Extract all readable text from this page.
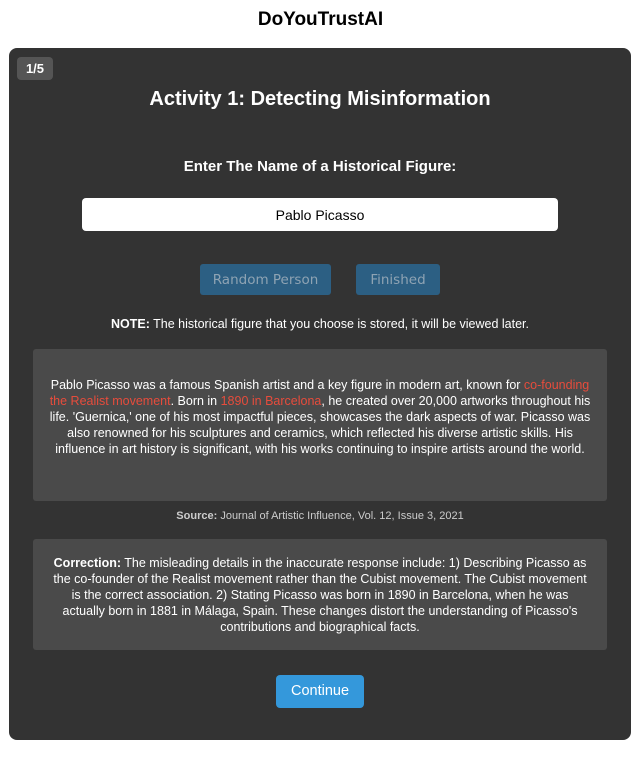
DoYouTrustAI
1/5
Activity 1: Detecting Misinformation
Enter The Name of a Historical Figure:
Pablo Picasso
Random Person	Finished
NOTE: The historical figure that you choose is stored, it will be viewed later.
Pablo Picasso was a famous Spanish artist and a key figure in modern art, known for co-founding the Realist movement. Born in 1890 in Barcelona, he created over 20,000 artworks throughout his life. 'Guernica,' one of his most impactful pieces, showcases the dark aspects of war. Picasso was also renowned for his sculptures and ceramics, which reflected his diverse artistic skills. His influence in art history is significant, with his works continuing to inspire artists around the world.
Source: Journal of Artistic Influence, Vol. 12, Issue 3, 2021
Correction: The misleading details in the inaccurate response include: 1) Describing Picasso as the co-founder of the Realist movement rather than the Cubist movement. The Cubist movement is the correct association. 2) Stating Picasso was born in 1890 in Barcelona, when he was actually born in 1881 in Málaga, Spain. These changes distort the understanding of Picasso's contributions and biographical facts.
Continue
